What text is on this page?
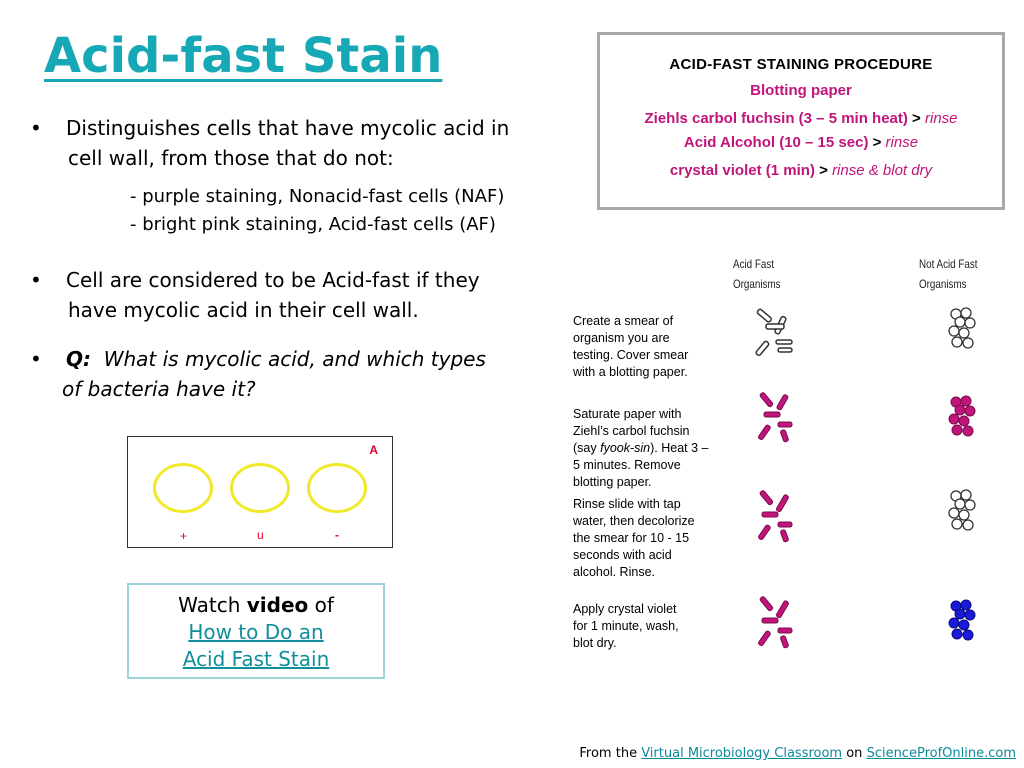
Acid-fast Stain
• Distinguishes cells that have mycolic acid in
cell wall, from those that do not:
- purple staining, Nonacid-fast cells (NAF)
- bright pink staining, Acid-fast cells (AF)
• Cell are considered to be Acid-fast if they
have mycolic acid in their cell wall.
• Q: What is mycolic acid, and which types
of bacteria have it?
ACID-FAST STAINING PROCEDURE
Blotting paper
Ziehls carbol fuchsin (3 – 5 min heat) > rinse
Acid Alcohol (10 – 15 sec) > rinse
crystal violet (1 min) > rinse & blot dry
Acid Fast
Organisms
Not Acid Fast
Organisms
Create a smear of
organism you are
testing. Cover smear
with a blotting paper.
Saturate paper with
Ziehl’s carbol fuchsin
(say fyook-sin). Heat 3 –
5 minutes. Remove
blotting paper.
Rinse slide with tap
water, then decolorize
the smear for 10 - 15
seconds with acid
alcohol. Rinse.
Apply crystal violet
for 1 minute, wash,
blot dry.
A
+	u	-
Watch video of
How to Do an
Acid Fast Stain
From the Virtual Microbiology Classroom on ScienceProfOnline.com
